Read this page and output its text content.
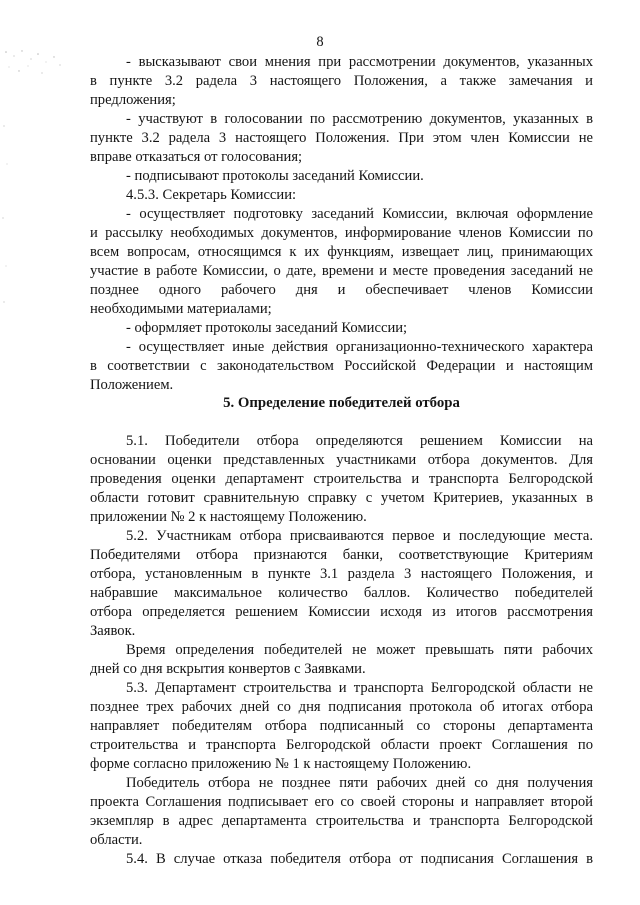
8
- высказывают свои мнения при рассмотрении документов, указанных
в пункте 3.2 радела 3 настоящего Положения, а также замечания и
предложения;
- участвуют в голосовании по рассмотрению документов, указанных в
пункте 3.2 радела 3 настоящего Положения. При этом член Комиссии не
вправе отказаться от голосования;
- подписывают протоколы заседаний Комиссии.
4.5.3. Секретарь Комиссии:
- осуществляет подготовку заседаний Комиссии, включая оформление
и рассылку необходимых документов, информирование членов Комиссии по
всем вопросам, относящимся к их функциям, извещает лиц, принимающих
участие в работе Комиссии, о дате, времени и месте проведения заседаний не
позднее одного рабочего дня и обеспечивает членов Комиссии
необходимыми материалами;
- оформляет протоколы заседаний Комиссии;
- осуществляет иные действия организационно-технического характера
в соответствии с законодательством Российской Федерации и настоящим
Положением.
5. Определение победителей отбора
5.1. Победители отбора определяются решением Комиссии на
основании оценки представленных участниками отбора документов. Для
проведения оценки департамент строительства и транспорта Белгородской
области готовит сравнительную справку с учетом Критериев, указанных в
приложении № 2 к настоящему Положению.
5.2. Участникам отбора присваиваются первое и последующие места.
Победителями отбора признаются банки, соответствующие Критериям
отбора, установленным в пункте 3.1 раздела 3 настоящего Положения, и
набравшие максимальное количество баллов. Количество победителей
отбора определяется решением Комиссии исходя из итогов рассмотрения
Заявок.
Время определения победителей не может превышать пяти рабочих
дней со дня вскрытия конвертов с Заявками.
5.3. Департамент строительства и транспорта Белгородской области не
позднее трех рабочих дней со дня подписания протокола об итогах отбора
направляет победителям отбора подписанный со стороны департамента
строительства и транспорта Белгородской области проект Соглашения по
форме согласно приложению № 1 к настоящему Положению.
Победитель отбора не позднее пяти рабочих дней со дня получения
проекта Соглашения подписывает его со своей стороны и направляет второй
экземпляр в адрес департамента строительства и транспорта Белгородской
области.
5.4. В случае отказа победителя отбора от подписания Соглашения в
